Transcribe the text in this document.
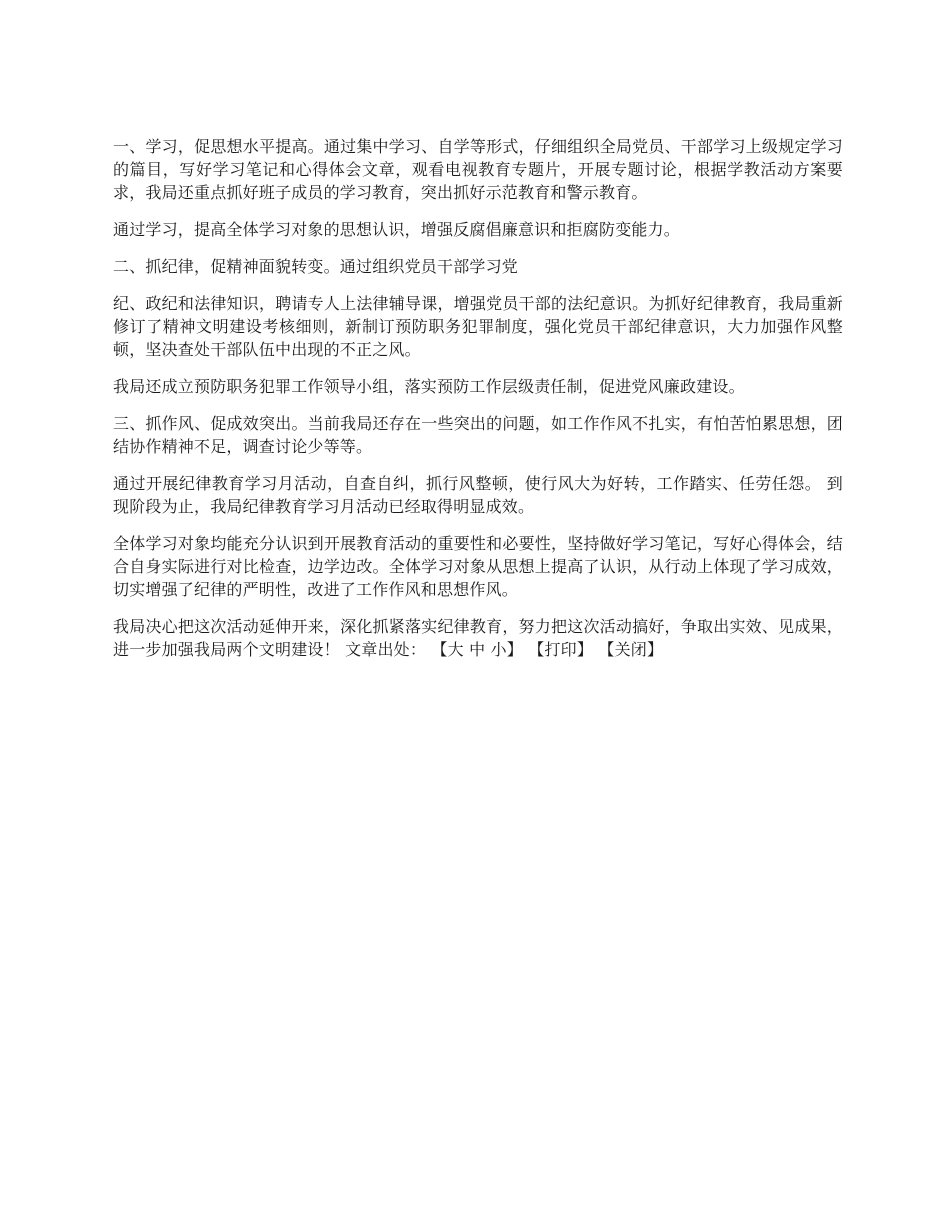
一、学习，促思想水平提高。通过集中学习、自学等形式，仔细组织全局党员、干部学习上级规定学习的篇目，写好学习笔记和心得体会文章，观看电视教育专题片，开展专题讨论，根据学教活动方案要求，我局还重点抓好班子成员的学习教育，突出抓好示范教育和警示教育。

通过学习，提高全体学习对象的思想认识，增强反腐倡廉意识和拒腐防变能力。

二、抓纪律，促精神面貌转变。通过组织党员干部学习党

纪、政纪和法律知识，聘请专人上法律辅导课，增强党员干部的法纪意识。为抓好纪律教育，我局重新修订了精神文明建设考核细则，新制订预防职务犯罪制度，强化党员干部纪律意识，大力加强作风整顿，坚决查处干部队伍中出现的不正之风。

我局还成立预防职务犯罪工作领导小组，落实预防工作层级责任制，促进党风廉政建设。

三、抓作风、促成效突出。当前我局还存在一些突出的问题，如工作作风不扎实，有怕苦怕累思想，团结协作精神不足，调查讨论少等等。

通过开展纪律教育学习月活动，自查自纠，抓行风整顿，使行风大为好转，工作踏实、任劳任怨。 到现阶段为止，我局纪律教育学习月活动已经取得明显成效。

全体学习对象均能充分认识到开展教育活动的重要性和必要性，坚持做好学习笔记，写好心得体会，结合自身实际进行对比检查，边学边改。全体学习对象从思想上提高了认识，从行动上体现了学习成效，切实增强了纪律的严明性，改进了工作作风和思想作风。

我局决心把这次活动延伸开来，深化抓紧落实纪律教育，努力把这次活动搞好，争取出实效、见成果，进一步加强我局两个文明建设！ 文章出处： 【大 中 小】 【打印】 【关闭】
